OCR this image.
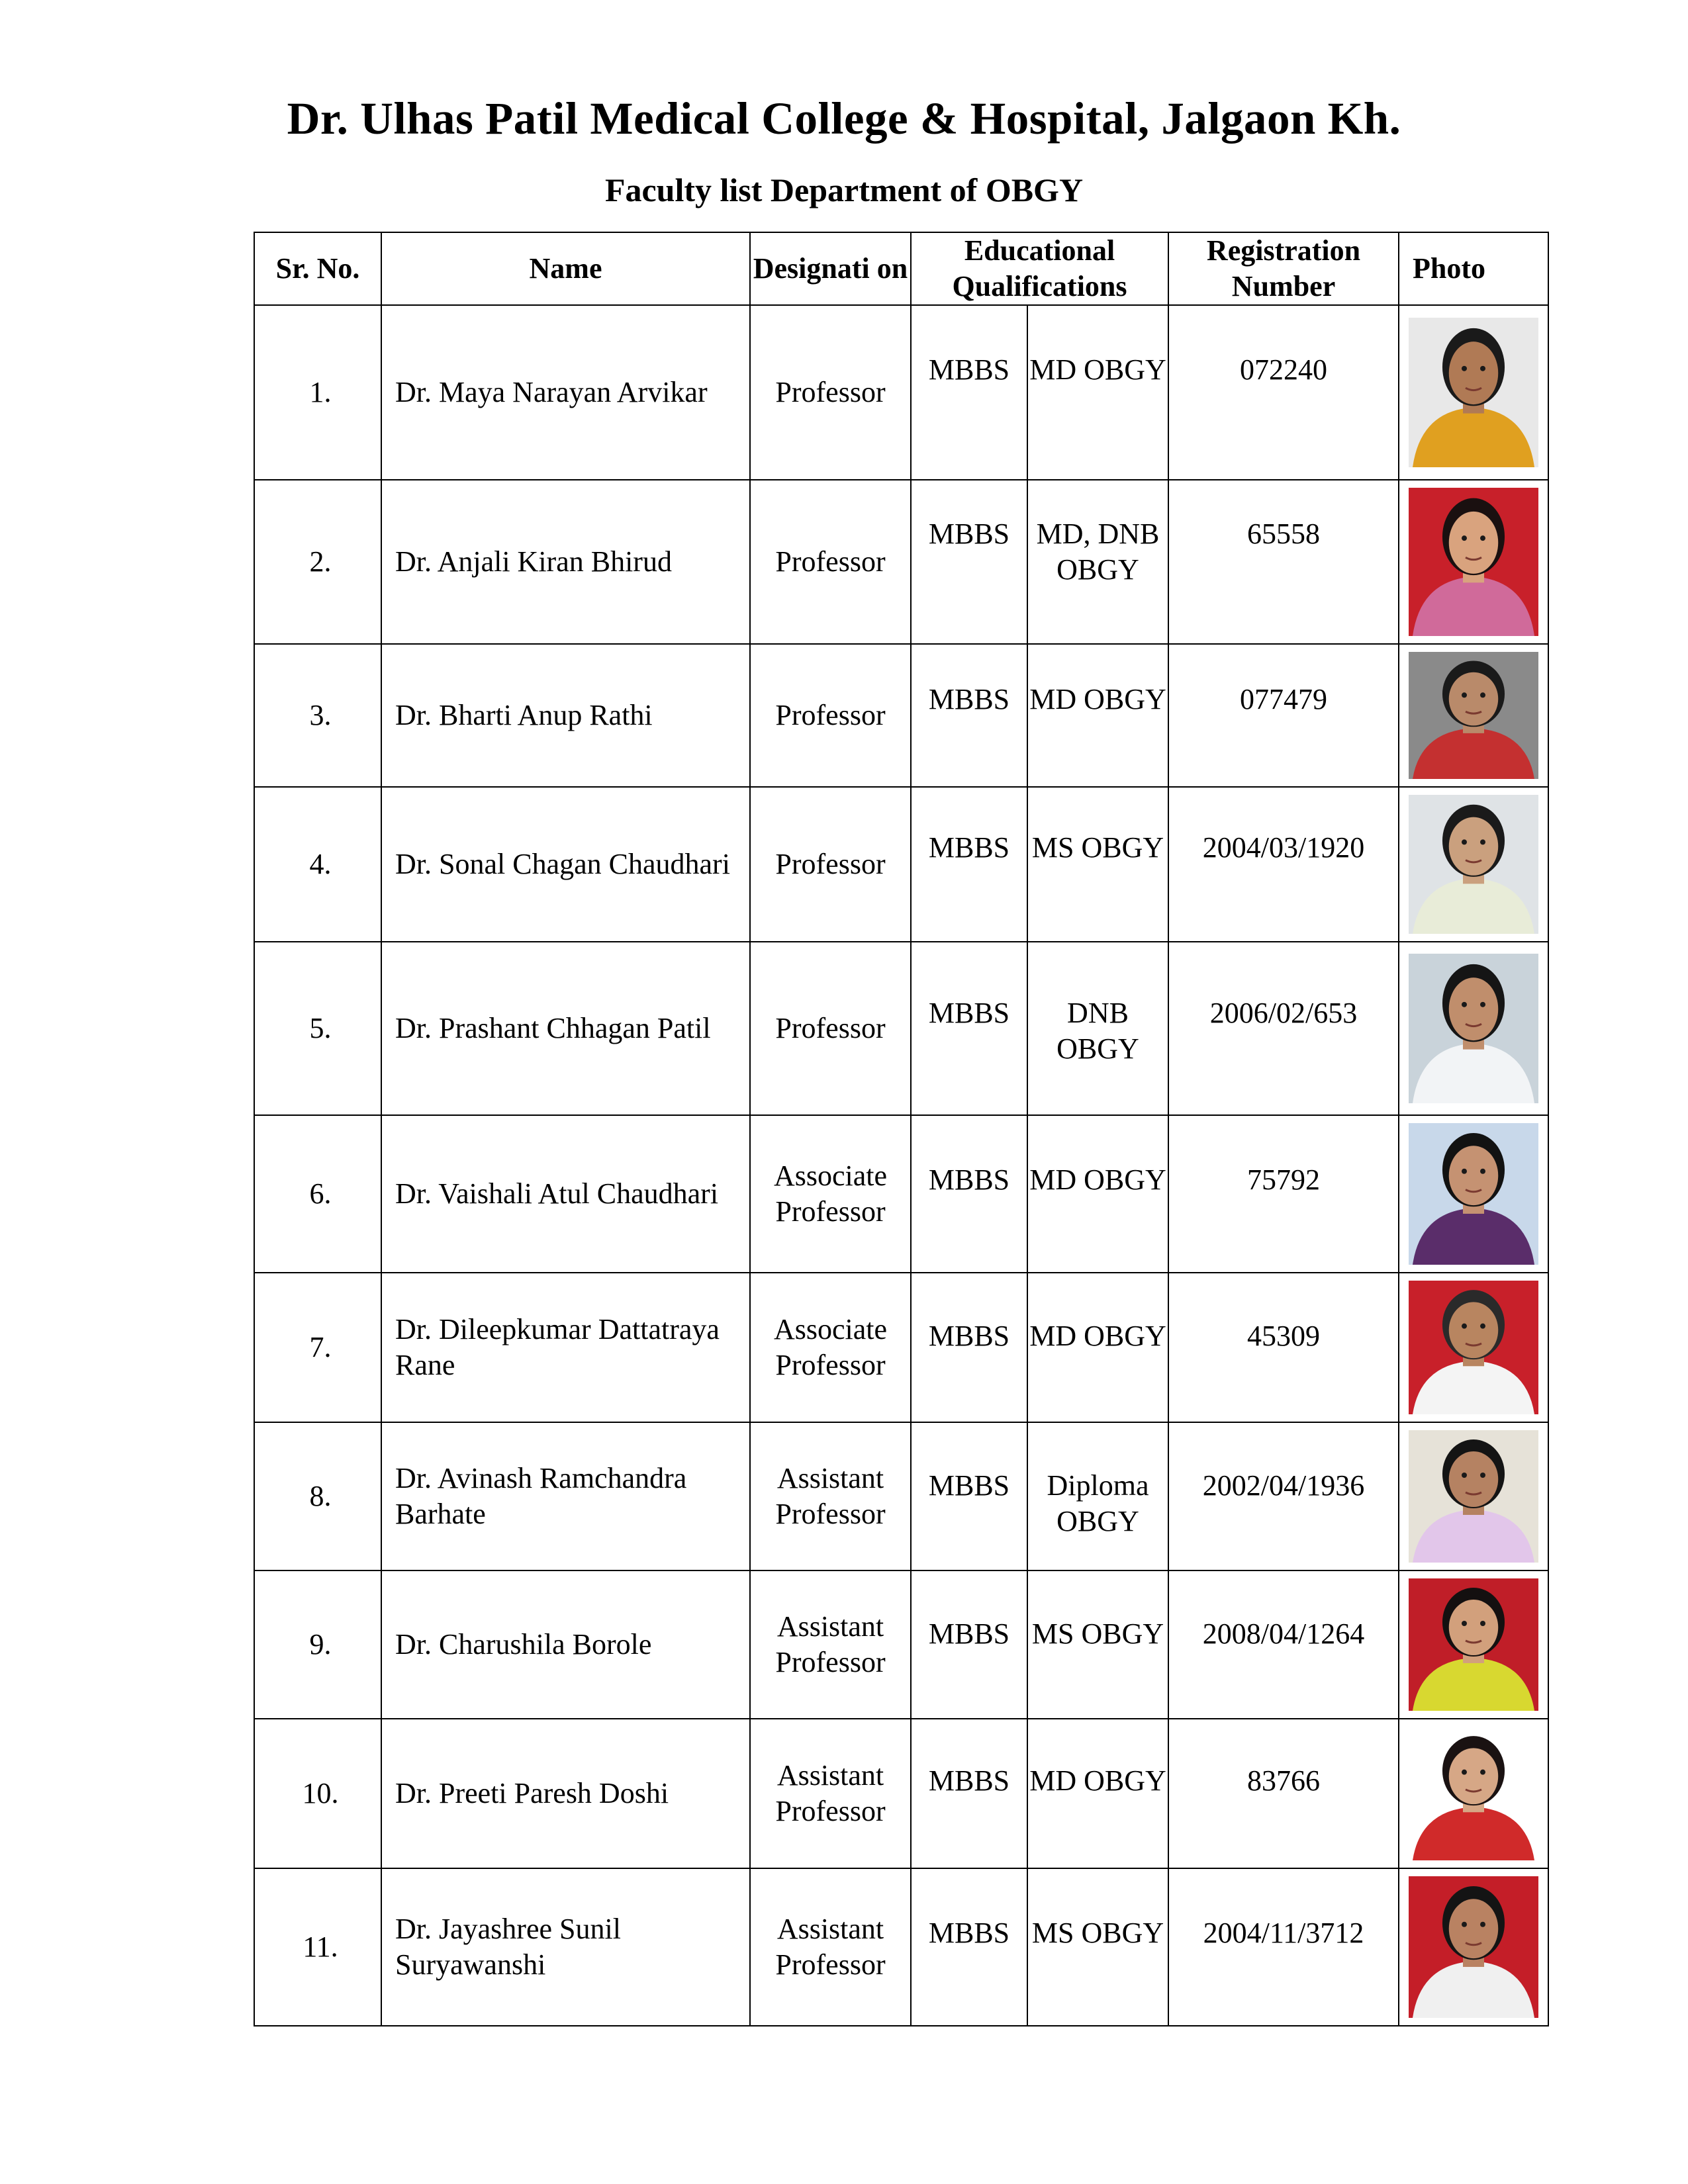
Dr. Ulhas Patil Medical College & Hospital, Jalgaon Kh.
Faculty list Department of OBGY
Sr. No.	Name	Designati on	Educational Qualifications		Registration Number	Photo
1.	Dr. Maya Narayan Arvikar	Professor	MBBS	MD OBGY	072240	

2.	Dr. Anjali Kiran Bhirud	Professor	MBBS	MD, DNB OBGY	65558	

3.	Dr. Bharti Anup Rathi	Professor	MBBS	MD OBGY	077479	

4.	Dr. Sonal Chagan Chaudhari	Professor	MBBS	MS OBGY	2004/03/1920	

5.	Dr. Prashant Chhagan Patil	Professor	MBBS	DNB OBGY	2006/02/653	

6.	Dr. Vaishali Atul Chaudhari	Associate Professor	MBBS	MD OBGY	75792	

7.	Dr. Dileepkumar Dattatraya Rane	Associate Professor	MBBS	MD OBGY	45309	

8.	Dr. Avinash Ramchandra Barhate	Assistant Professor	MBBS	Diploma OBGY	2002/04/1936	

9.	Dr. Charushila Borole	Assistant Professor	MBBS	MS OBGY	2008/04/1264	

10.	Dr. Preeti Paresh Doshi	Assistant Professor	MBBS	MD OBGY	83766	

11.	Dr. Jayashree Sunil Suryawanshi	Assistant Professor	MBBS	MS OBGY	2004/11/3712	
